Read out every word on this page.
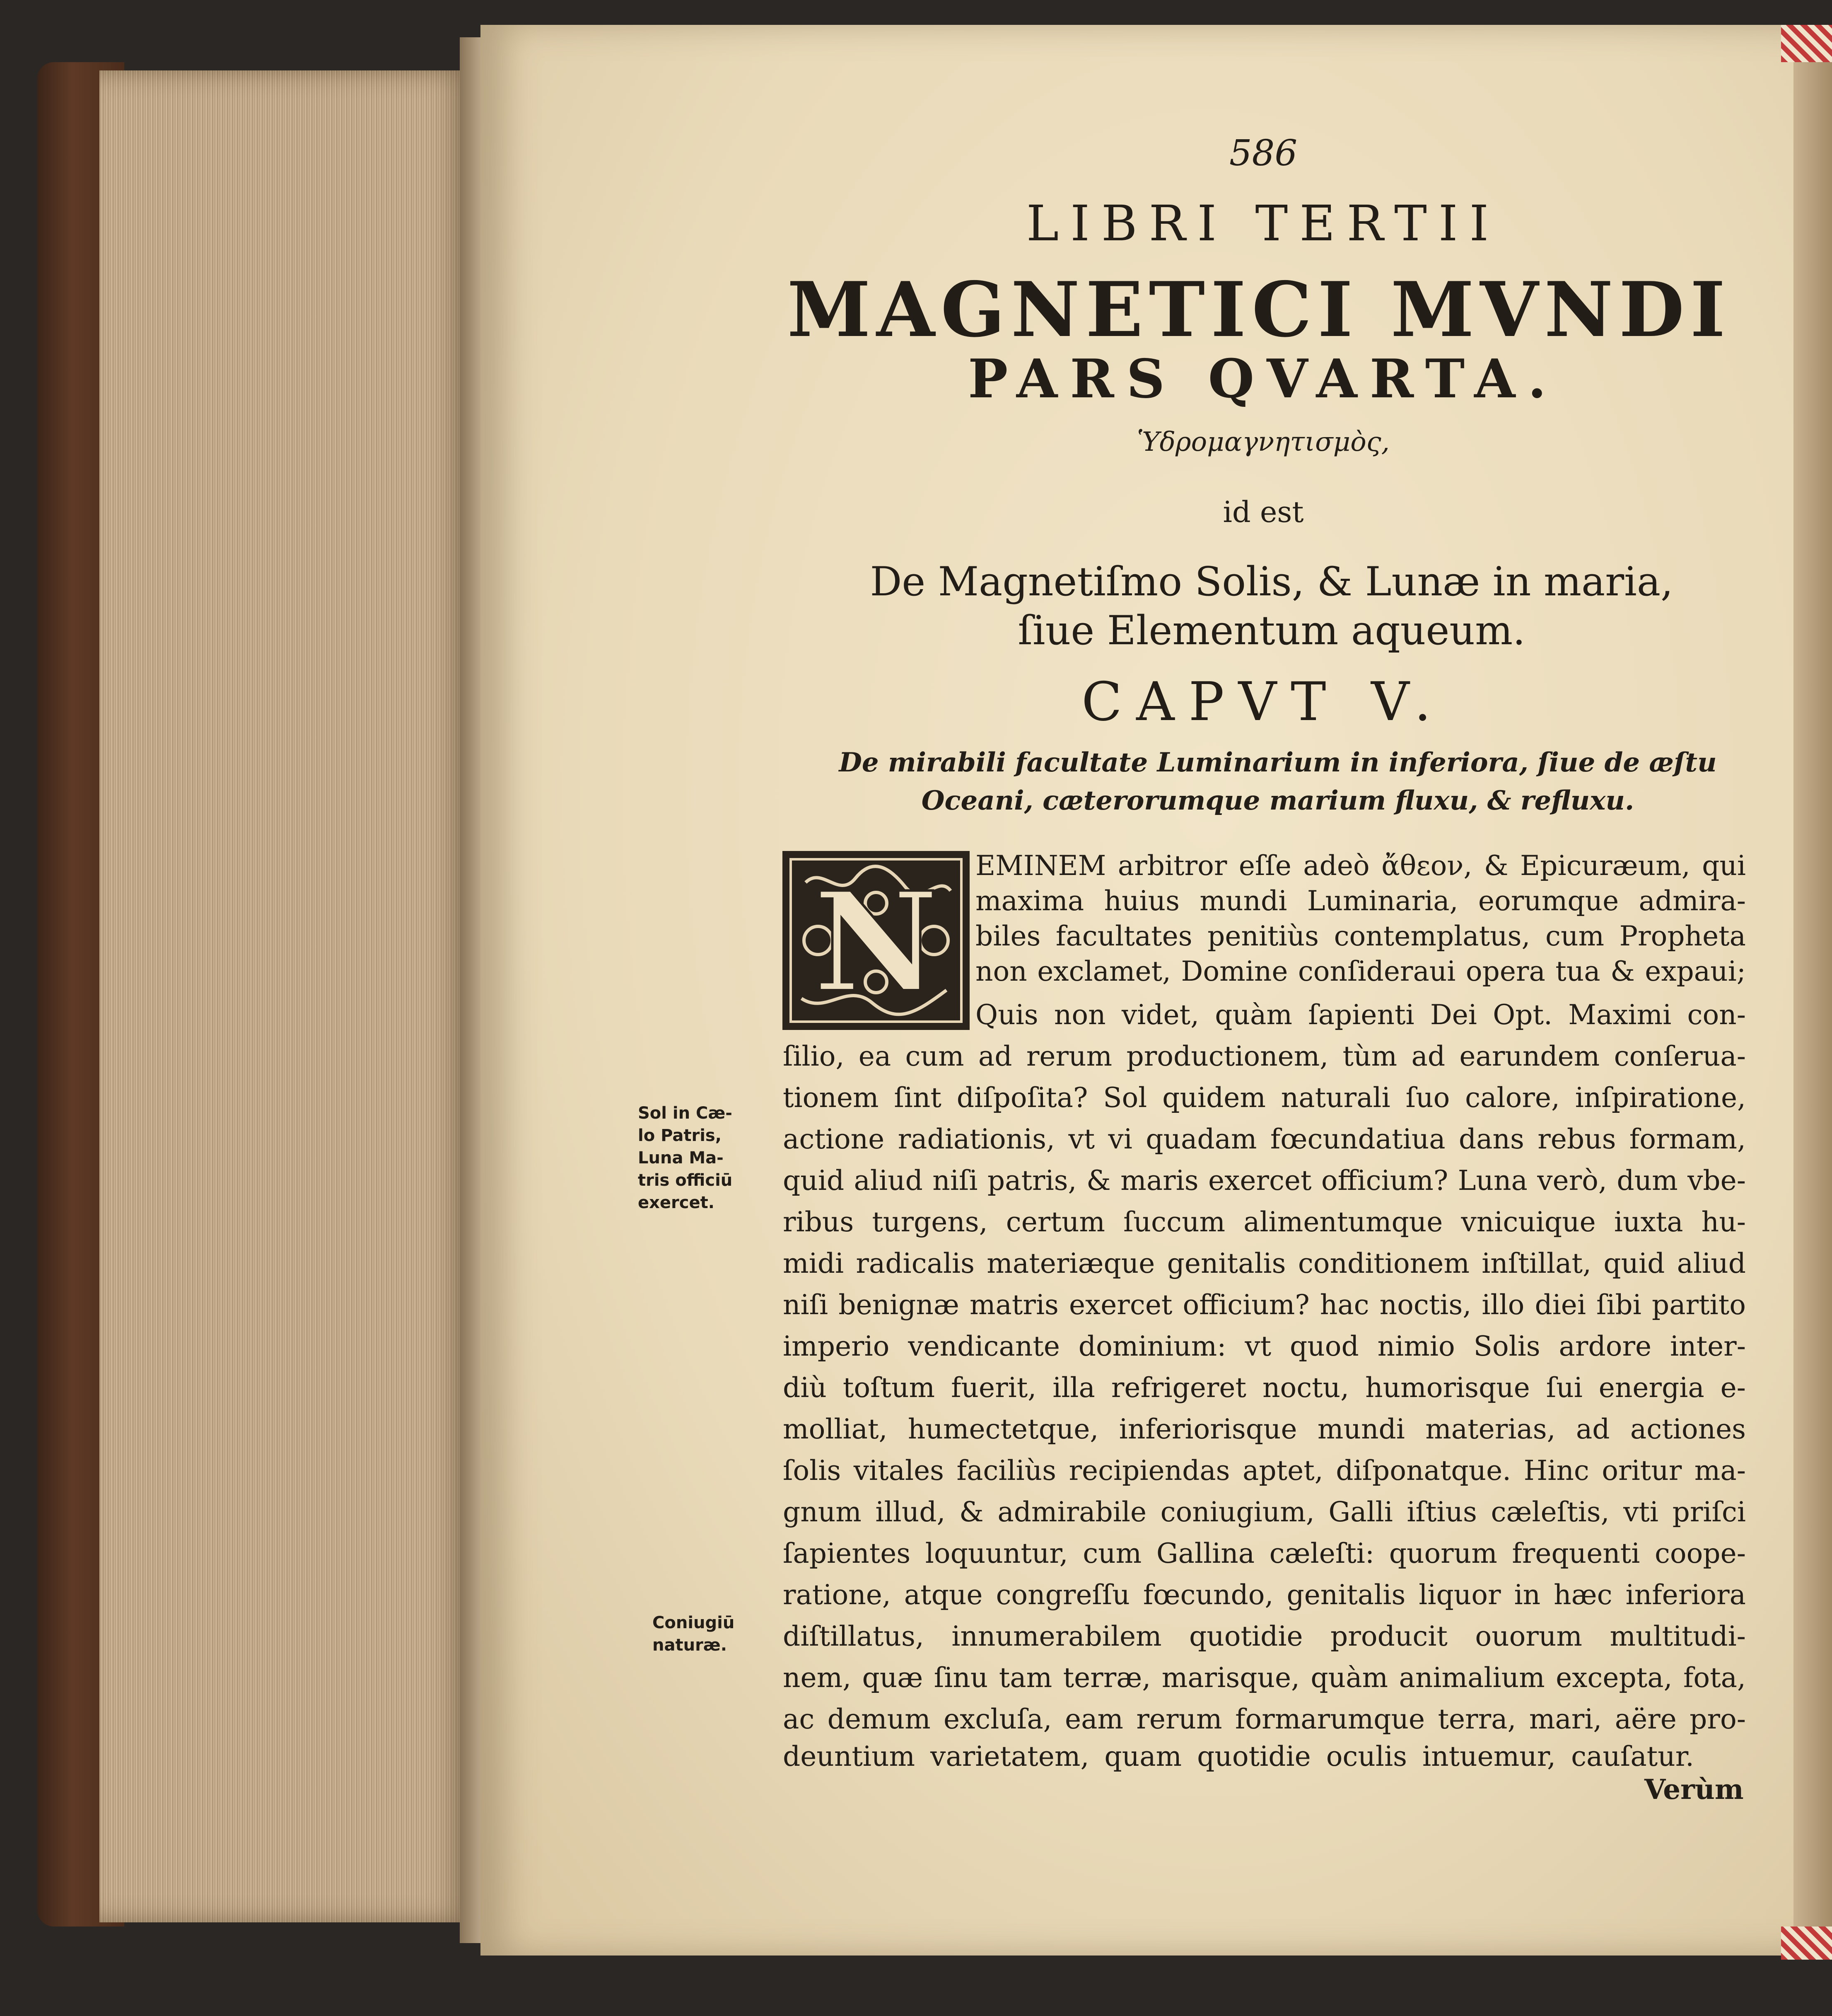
586
LIBRI TERTII
MAGNETICI MVNDI
PARS QVARTA.
Ὑδρομαγνητισμὸς,
id est
De Magnetiſmo Solis, & Lunæ in maria, ſiue Elementum aqueum.
CAPVT V.
De mirabili facultate Luminarium in inferiora, ſiue de æſtu Oceani, cæterorumque marium fluxu, & refluxu.
N EMINEM arbitror eſſe adeò ἄθεον, & Epicuræum, qui
maxima huius mundi Luminaria, eorumque admira-
biles facultates penitiùs contemplatus, cum Propheta
non exclamet, Domine conſideraui opera tua & expaui;
Quis non videt, quàm ſapienti Dei Opt. Maximi con-
ſilio, ea cum ad rerum productionem, tùm ad earundem conſerua-
tionem ſint diſpoſita? Sol quidem naturali ſuo calore, inſpiratione,
actione radiationis, vt vi quadam fœcundatiua dans rebus formam,
quid aliud niſi patris, & maris exercet officium? Luna verò, dum vbe-
ribus turgens, certum ſuccum alimentumque vnicuique iuxta hu-
midi radicalis materiæque genitalis conditionem inſtillat, quid aliud
niſi benignæ matris exercet officium? hac noctis, illo diei ſibi partito
imperio vendicante dominium: vt quod nimio Solis ardore inter-
diù toſtum fuerit, illa refrigeret noctu, humorisque ſui energia e-
molliat, humectetque, inferiorisque mundi materias, ad actiones
ſolis vitales faciliùs recipiendas aptet, diſponatque. Hinc oritur ma-
gnum illud, & admirabile coniugium, Galli iſtius cæleſtis, vti priſci
ſapientes loquuntur, cum Gallina cæleſti: quorum frequenti coope-
ratione, atque congreſſu fœcundo, genitalis liquor in hæc inferiora
diſtillatus, innumerabilem quotidie producit ouorum multitudi-
nem, quæ ſinu tam terræ, marisque, quàm animalium excepta, fota,
ac demum excluſa, eam rerum formarumque terra, mari, aëre pro-
deuntium varietatem, quam quotidie oculis intuemur, cauſatur.
Sol in Cæ-
lo Patris,
Luna Ma-
tris officiū
exercet.
Coniugiū
naturæ.
Verùm
